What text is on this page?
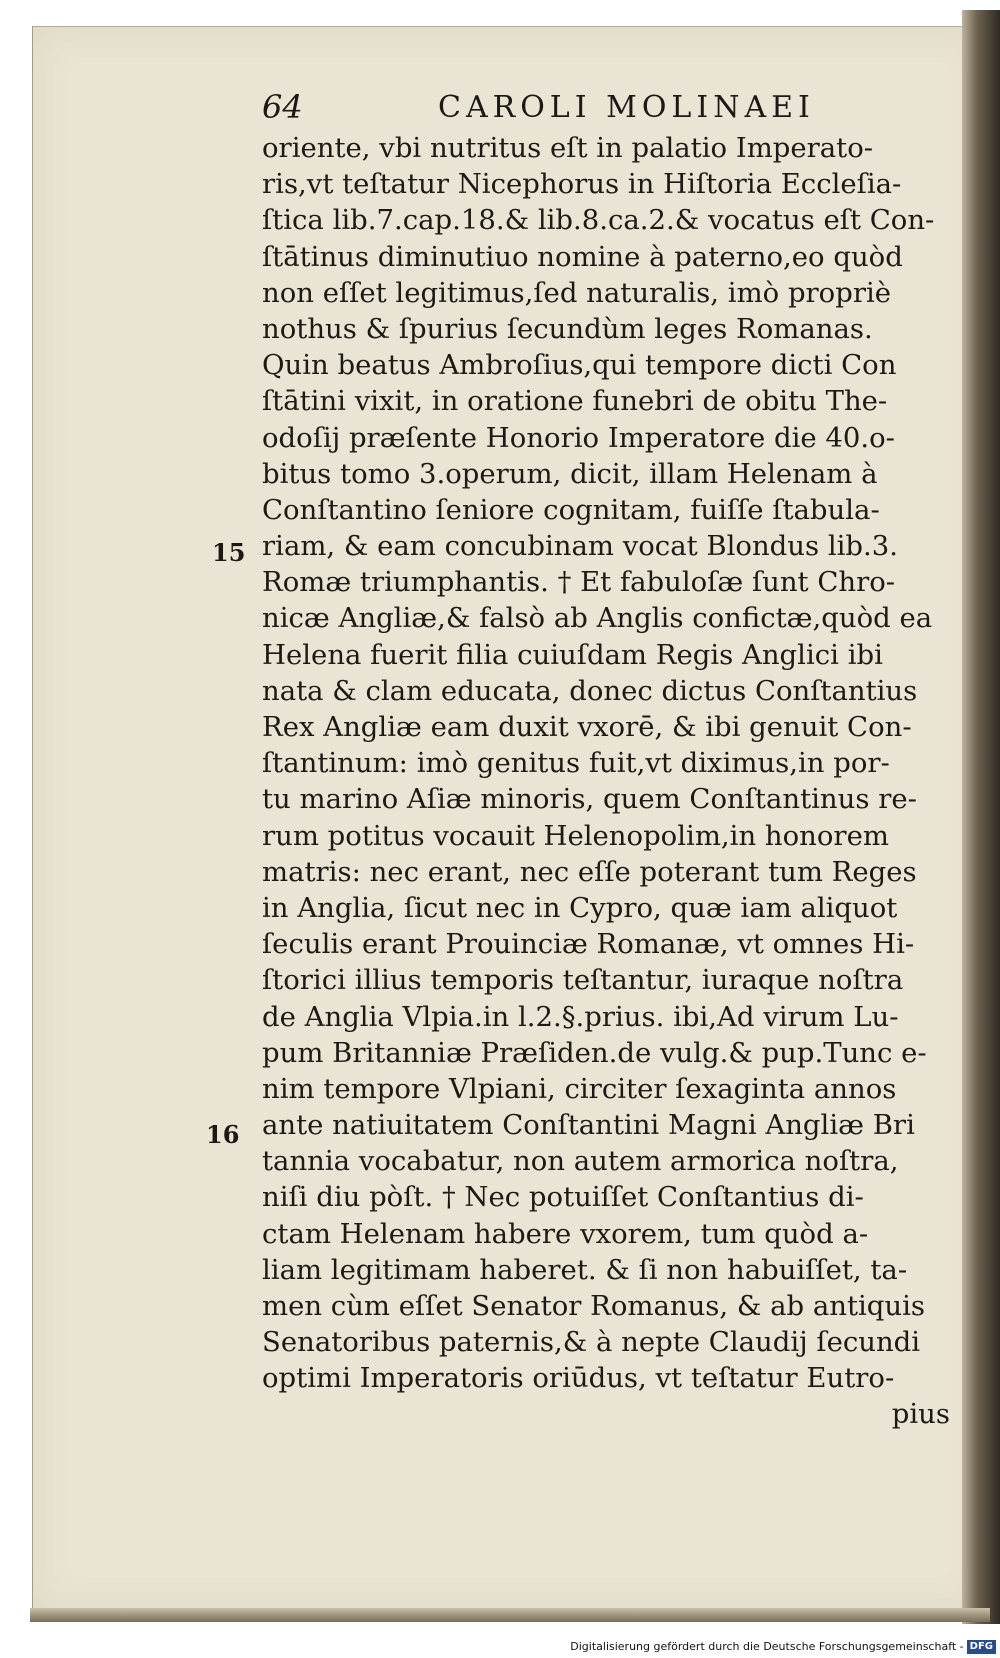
64	CAROLI MOLINAEI
15
16
oriente, vbi nutritus eſt in palatio Imperato-
ris,vt teſtatur Nicephorus in Hiſtoria Eccleſia-
ſtica lib.7.cap.18.& lib.8.ca.2.& vocatus eſt Con-
ſtātinus diminutiuo nomine à paterno,eo quòd
non eſſet legitimus,ſed naturalis, imò propriè
nothus & ſpurius ſecundùm leges Romanas.
Quin beatus Ambroſius,qui tempore dicti Con
ſtātini vixit, in oratione funebri de obitu The-
odoſij præſente Honorio Imperatore die 40.o-
bitus tomo 3.operum, dicit, illam Helenam à
Conſtantino ſeniore cognitam, fuiſſe ſtabula-
riam, & eam concubinam vocat Blondus lib.3.
Romæ triumphantis. † Et fabuloſæ ſunt Chro-
nicæ Angliæ,& falsò ab Anglis confictæ,quòd ea
Helena fuerit filia cuiuſdam Regis Anglici ibi
nata & clam educata, donec dictus Conſtantius
Rex Angliæ eam duxit vxorē, & ibi genuit Con-
ſtantinum: imò genitus fuit,vt diximus,in por-
tu marino Aſiæ minoris, quem Conſtantinus re-
rum potitus vocauit Helenopolim,in honorem
matris: nec erant, nec eſſe poterant tum Reges
in Anglia, ſicut nec in Cypro, quæ iam aliquot
ſeculis erant Prouinciæ Romanæ, vt omnes Hi-
ſtorici illius temporis teſtantur, iuraque noſtra
de Anglia Vlpia.in l.2.§.prius. ibi,Ad virum Lu-
pum Britanniæ Præſiden.de vulg.& pup.Tunc e-
nim tempore Vlpiani, circiter ſexaginta annos
ante natiuitatem Conſtantini Magni Angliæ Bri
tannia vocabatur, non autem armorica noſtra,
niſi diu pòſt. † Nec potuiſſet Conſtantius di-
ctam Helenam habere vxorem, tum quòd a-
liam legitimam haberet. & ſi non habuiſſet, ta-
men cùm eſſet Senator Romanus, & ab antiquis
Senatoribus paternis,& à nepte Claudij ſecundi
optimi Imperatoris oriūdus, vt teſtatur Eutro-
pius
Digitalisierung gefördert durch die Deutsche Forschungsgemeinschaft - DFG
